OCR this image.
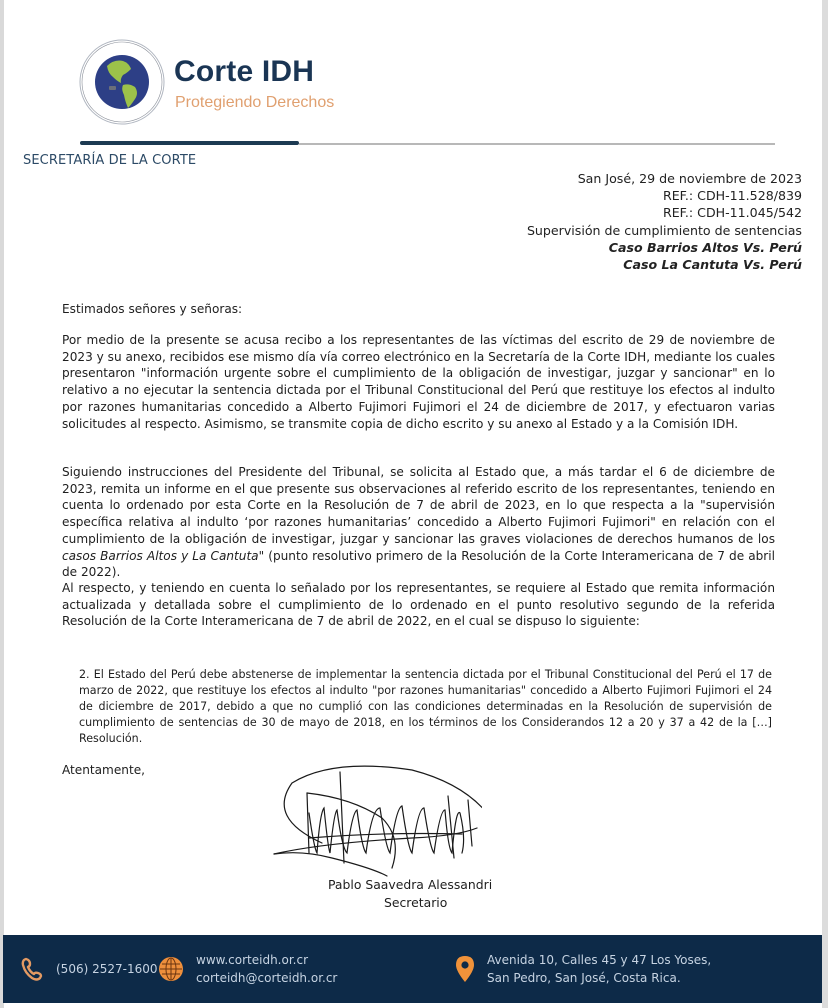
Corte IDH
Protegiendo Derechos
SECRETARÍA DE LA CORTE
San José, 29 de noviembre de 2023
REF.: CDH-11.528/839
REF.: CDH-11.045/542
Supervisión de cumplimiento de sentencias
Caso Barrios Altos Vs. Perú
Caso La Cantuta Vs. Perú
Estimados señores y señoras:
Por medio de la presente se acusa recibo a los representantes de las víctimas del escrito de 29 de noviembre de 2023 y su anexo, recibidos ese mismo día vía correo electrónico en la Secretaría de la Corte IDH, mediante los cuales presentaron "información urgente sobre el cumplimiento de la obligación de investigar, juzgar y sancionar" en lo relativo a no ejecutar la sentencia dictada por el Tribunal Constitucional del Perú que restituye los efectos al indulto por razones humanitarias concedido a Alberto Fujimori Fujimori el 24 de diciembre de 2017, y efectuaron varias solicitudes al respecto. Asimismo, se transmite copia de dicho escrito y su anexo al Estado y a la Comisión IDH.
Siguiendo instrucciones del Presidente del Tribunal, se solicita al Estado que, a más tardar el 6 de diciembre de 2023, remita un informe en el que presente sus observaciones al referido escrito de los representantes, teniendo en cuenta lo ordenado por esta Corte en la Resolución de 7 de abril de 2023, en lo que respecta a la "supervisión específica relativa al indulto ‘por razones humanitarias’ concedido a Alberto Fujimori Fujimori" en relación con el cumplimiento de la obligación de investigar, juzgar y sancionar las graves violaciones de derechos humanos de los casos Barrios Altos y La Cantuta" (punto resolutivo primero de la Resolución de la Corte Interamericana de 7 de abril de 2022).
Al respecto, y teniendo en cuenta lo señalado por los representantes, se requiere al Estado que remita información actualizada y detallada sobre el cumplimiento de lo ordenado en el punto resolutivo segundo de la referida Resolución de la Corte Interamericana de 7 de abril de 2022, en el cual se dispuso lo siguiente:
2. El Estado del Perú debe abstenerse de implementar la sentencia dictada por el Tribunal Constitucional del Perú el 17 de marzo de 2022, que restituye los efectos al indulto "por razones humanitarias" concedido a Alberto Fujimori Fujimori el 24 de diciembre de 2017, debido a que no cumplió con las condiciones determinadas en la Resolución de supervisión de cumplimiento de sentencias de 30 de mayo de 2018, en los términos de los Considerandos 12 a 20 y 37 a 42 de la […] Resolución.
Atentamente,
Pablo Saavedra Alessandri
Secretario
(506) 2527-1600
www.corteidh.or.cr
corteidh@corteidh.or.cr
Avenida 10, Calles 45 y 47 Los Yoses,
San Pedro, San José, Costa Rica.
